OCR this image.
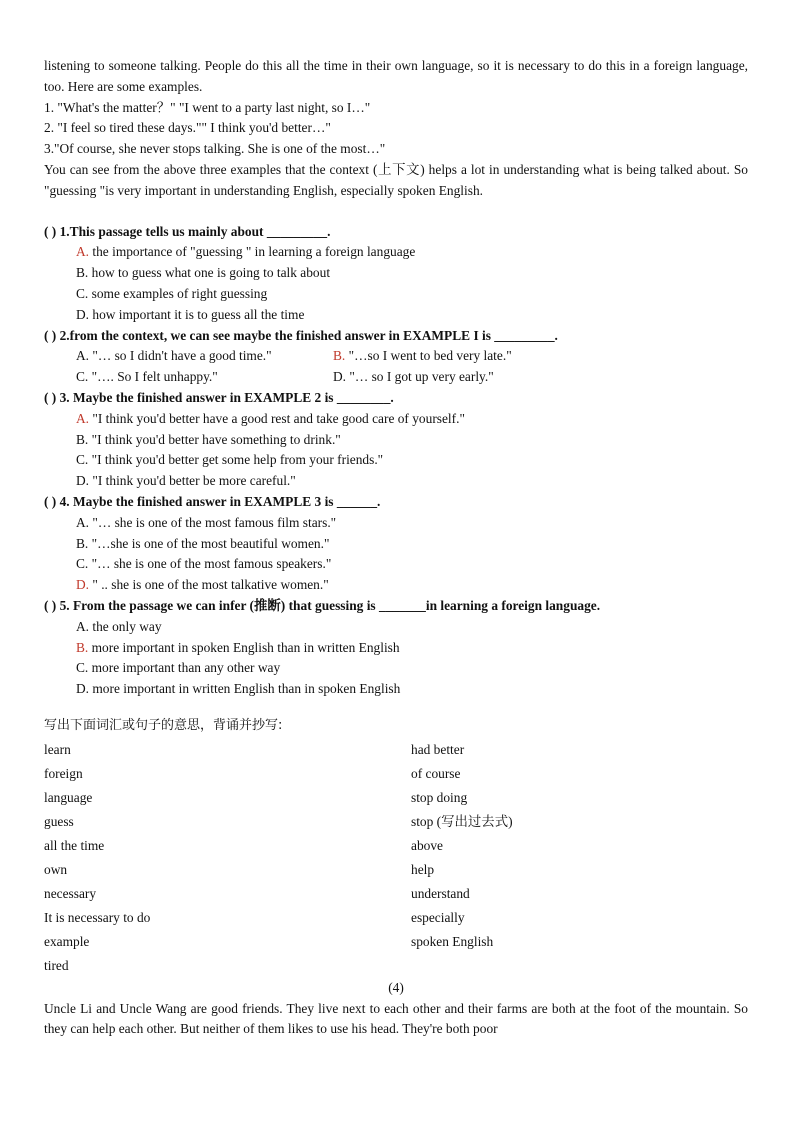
listening to someone talking. People do this all the time in their own language, so it is necessary to do this in a foreign language, too. Here are some examples.

1. "What's the matter？" "I went to a party last night, so I…"

2. "I feel so tired these days."" I think you'd better…"

3."Of course, she never stops talking. She is one of the most…"

You can see from the above three examples that the context (上下文) helps a lot in understanding what is being talked about. So "guessing "is very important in understanding English, especially spoken English.

( ) 1.This passage tells us mainly about _________.
A. the importance of "guessing " in learning a foreign language
B. how to guess what one is going to talk about
C. some examples of right guessing
D. how important it is to guess all the time
( ) 2.from the context, we can see maybe the finished answer in EXAMPLE I is _________.
A. "… so I didn't have a good time."	B. "…so I went to bed very late."
C. "…. So I felt unhappy."	D. "… so I got up very early."
( ) 3. Maybe the finished answer in EXAMPLE 2 is ________.
A. "I think you'd better have a good rest and take good care of yourself."
B. "I think you'd better have something to drink."
C. "I think you'd better get some help from your friends."
D. "I think you'd better be more careful."
( ) 4. Maybe the finished answer in EXAMPLE 3 is ______.
A. "… she is one of the most famous film stars."
B. "…she is one of the most beautiful women."
C. "… she is one of the most famous speakers."
D. " .. she is one of the most talkative women."
( ) 5. From the passage we can infer (推断) that guessing is _______in learning a foreign language.
A. the only way
B. more important in spoken English than in written English
C. more important than any other way
D. more important in written English than in spoken English
写出下面词汇或句子的意思，背诵并抄写:
learn	had better
foreign	of course
language	stop doing
guess	stop (写出过去式)
all the time	above
own	help
necessary	understand
It is necessary to do	especially
example	spoken English
tired
(4)

Uncle Li and Uncle Wang are good friends. They live next to each other and their farms are both at the foot of the mountain. So they can help each other. But neither of them likes to use his head. They're both poor
